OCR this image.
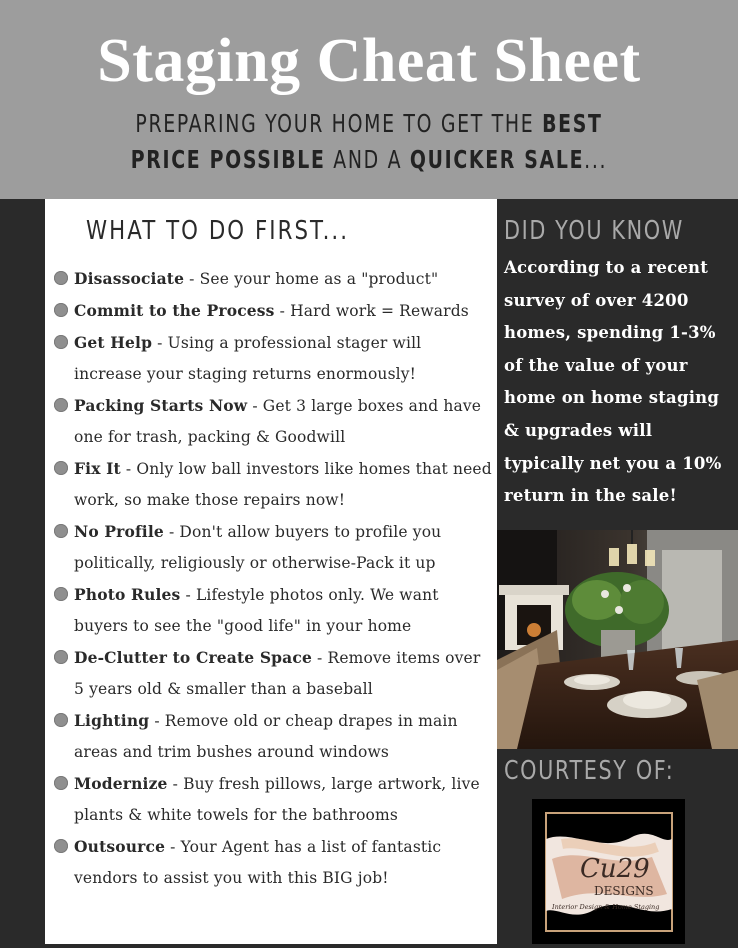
Staging Cheat Sheet
PREPARING YOUR HOME TO GET THE BEST PRICE POSSIBLE AND A QUICKER SALE...
WHAT TO DO FIRST...
Disassociate - See your home as a "product"
Commit to the Process - Hard work = Rewards
Get Help - Using a professional stager will increase your staging returns enormously!
Packing Starts Now - Get 3 large boxes and have one for trash, packing & Goodwill
Fix It - Only low ball investors like homes that need work, so make those repairs now!
No Profile - Don't allow buyers to profile you politically, religiously or otherwise-Pack it up
Photo Rules - Lifestyle photos only. We want buyers to see the "good life" in your home
De-Clutter to Create Space - Remove items over 5 years old & smaller than a baseball
Lighting - Remove old or cheap drapes in main areas and trim bushes around windows
Modernize - Buy fresh pillows, large artwork, live plants & white towels for the bathrooms
Outsource - Your Agent has a list of fantastic vendors to assist you with this BIG job!
DID YOU KNOW
According to a recent survey of over 4200 homes, spending 1-3% of the value of your home on home staging & upgrades will typically net you a 10% return in the sale!
COURTESY OF:
Cu29
DESIGNS
Interior Design & Home Staging
